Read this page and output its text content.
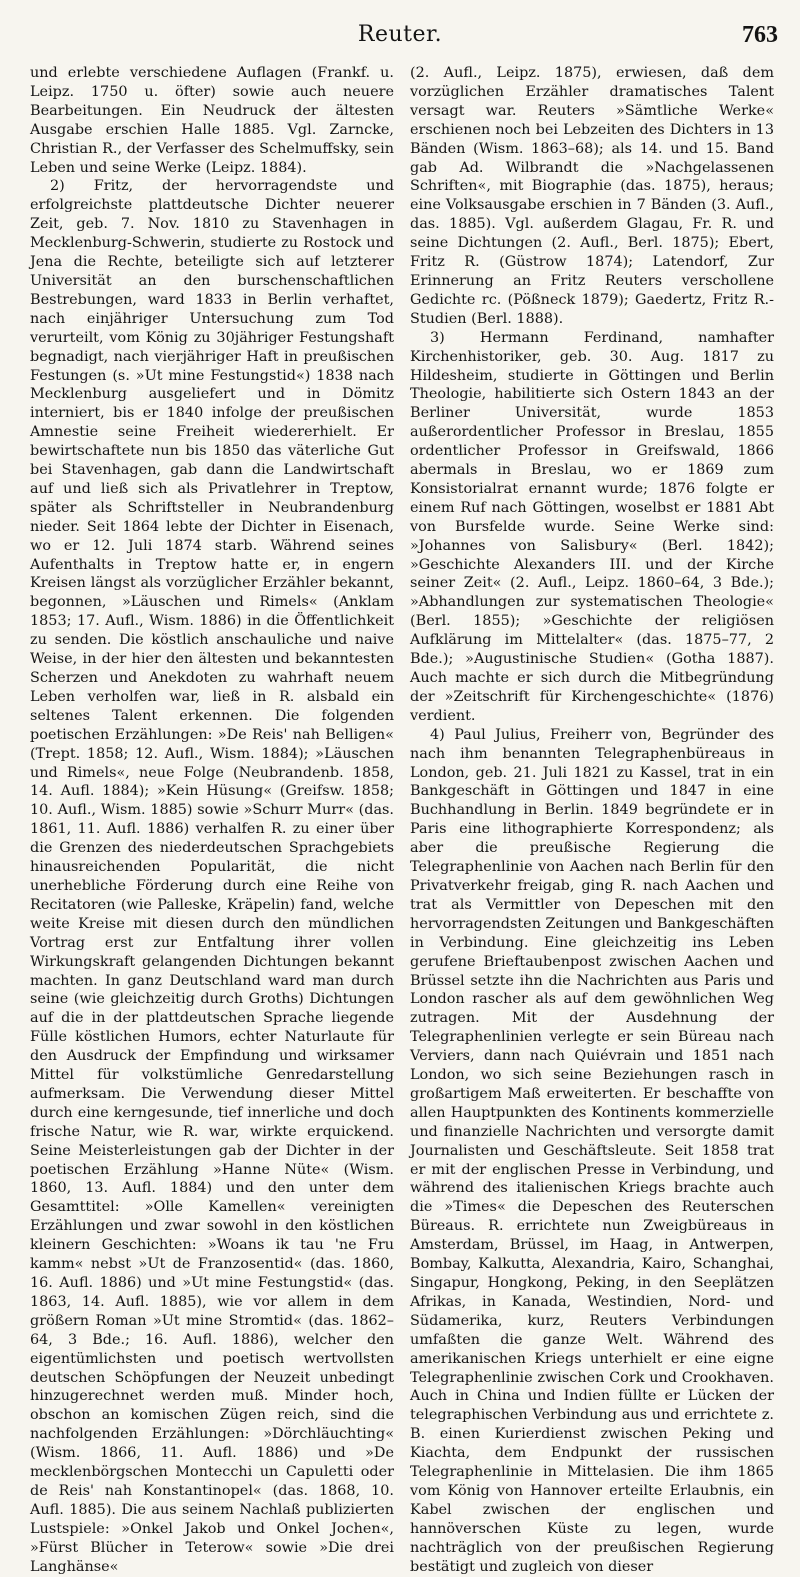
Reuter.	763

und erlebte verschiedene Auflagen (Frankf. u. Leipz. 1750 u. öfter) sowie auch neuere Bearbeitungen. Ein Neudruck der ältesten Ausgabe erschien Halle 1885. Vgl. Zarncke, Christian R., der Verfasser des Schelmuffsky, sein Leben und seine Werke (Leipz. 1884).

2) Fritz, der hervorragendste und erfolgreichste plattdeutsche Dichter neuerer Zeit, geb. 7. Nov. 1810 zu Stavenhagen in Mecklenburg-Schwerin, studierte zu Rostock und Jena die Rechte, beteiligte sich auf letzterer Universität an den burschenschaftlichen Bestrebungen, ward 1833 in Berlin verhaftet, nach einjähriger Untersuchung zum Tod verurteilt, vom König zu 30jähriger Festungshaft begnadigt, nach vierjähriger Haft in preußischen Festungen (s. »Ut mine Festungstid«) 1838 nach Mecklenburg ausgeliefert und in Dömitz interniert, bis er 1840 infolge der preußischen Amnestie seine Freiheit wiedererhielt. Er bewirtschaftete nun bis 1850 das väterliche Gut bei Stavenhagen, gab dann die Landwirtschaft auf und ließ sich als Privatlehrer in Treptow, später als Schriftsteller in Neubrandenburg nieder. Seit 1864 lebte der Dichter in Eisenach, wo er 12. Juli 1874 starb. Während seines Aufenthalts in Treptow hatte er, in engern Kreisen längst als vorzüglicher Erzähler bekannt, begonnen, »Läuschen und Rimels« (Anklam 1853; 17. Aufl., Wism. 1886) in die Öffentlichkeit zu senden. Die köstlich anschauliche und naive Weise, in der hier den ältesten und bekanntesten Scherzen und Anekdoten zu wahrhaft neuem Leben verholfen war, ließ in R. alsbald ein seltenes Talent erkennen. Die folgenden poetischen Erzählungen: »De Reis' nah Belligen« (Trept. 1858; 12. Aufl., Wism. 1884); »Läuschen und Rimels«, neue Folge (Neubrandenb. 1858, 14. Aufl. 1884); »Kein Hüsung« (Greifsw. 1858; 10. Aufl., Wism. 1885) sowie »Schurr Murr« (das. 1861, 11. Aufl. 1886) verhalfen R. zu einer über die Grenzen des niederdeutschen Sprachgebiets hinausreichenden Popularität, die nicht unerhebliche Förderung durch eine Reihe von Recitatoren (wie Palleske, Kräpelin) fand, welche weite Kreise mit diesen durch den mündlichen Vortrag erst zur Entfaltung ihrer vollen Wirkungskraft gelangenden Dichtungen bekannt machten. In ganz Deutschland ward man durch seine (wie gleichzeitig durch Groths) Dichtungen auf die in der plattdeutschen Sprache liegende Fülle köstlichen Humors, echter Naturlaute für den Ausdruck der Empfindung und wirksamer Mittel für volkstümliche Genredarstellung aufmerksam. Die Verwendung dieser Mittel durch eine kerngesunde, tief innerliche und doch frische Natur, wie R. war, wirkte erquickend. Seine Meisterleistungen gab der Dichter in der poetischen Erzählung »Hanne Nüte« (Wism. 1860, 13. Aufl. 1884) und den unter dem Gesamttitel: »Olle Kamellen« vereinigten Erzählungen und zwar sowohl in den köstlichen kleinern Geschichten: »Woans ik tau 'ne Fru kamm« nebst »Ut de Franzosentid« (das. 1860, 16. Aufl. 1886) und »Ut mine Festungstid« (das. 1863, 14. Aufl. 1885), wie vor allem in dem größern Roman »Ut mine Stromtid« (das. 1862–64, 3 Bde.; 16. Aufl. 1886), welcher den eigentümlichsten und poetisch wertvollsten deutschen Schöpfungen der Neuzeit unbedingt hinzugerechnet werden muß. Minder hoch, obschon an komischen Zügen reich, sind die nachfolgenden Erzählungen: »Dörchläuchting« (Wism. 1866, 11. Aufl. 1886) und »De mecklenbörgschen Montecchi un Capuletti oder de Reis' nah Konstantinopel« (das. 1868, 10. Aufl. 1885). Die aus seinem Nachlaß publizierten Lustspiele: »Onkel Jakob und Onkel Jochen«, »Fürst Blücher in Teterow« sowie »Die drei Langhänse«

(2. Aufl., Leipz. 1875), erwiesen, daß dem vorzüglichen Erzähler dramatisches Talent versagt war. Reuters »Sämtliche Werke« erschienen noch bei Lebzeiten des Dichters in 13 Bänden (Wism. 1863–68); als 14. und 15. Band gab Ad. Wilbrandt die »Nachgelassenen Schriften«, mit Biographie (das. 1875), heraus; eine Volksausgabe erschien in 7 Bänden (3. Aufl., das. 1885). Vgl. außerdem Glagau, Fr. R. und seine Dichtungen (2. Aufl., Berl. 1875); Ebert, Fritz R. (Güstrow 1874); Latendorf, Zur Erinnerung an Fritz Reuters verschollene Gedichte rc. (Pößneck 1879); Gaedertz, Fritz R.-Studien (Berl. 1888).

3) Hermann Ferdinand, namhafter Kirchenhistoriker, geb. 30. Aug. 1817 zu Hildesheim, studierte in Göttingen und Berlin Theologie, habilitierte sich Ostern 1843 an der Berliner Universität, wurde 1853 außerordentlicher Professor in Breslau, 1855 ordentlicher Professor in Greifswald, 1866 abermals in Breslau, wo er 1869 zum Konsistorialrat ernannt wurde; 1876 folgte er einem Ruf nach Göttingen, woselbst er 1881 Abt von Bursfelde wurde. Seine Werke sind: »Johannes von Salisbury« (Berl. 1842); »Geschichte Alexanders III. und der Kirche seiner Zeit« (2. Aufl., Leipz. 1860–64, 3 Bde.); »Abhandlungen zur systematischen Theologie« (Berl. 1855); »Geschichte der religiösen Aufklärung im Mittelalter« (das. 1875–77, 2 Bde.); »Augustinische Studien« (Gotha 1887). Auch machte er sich durch die Mitbegründung der »Zeitschrift für Kirchengeschichte« (1876) verdient.

4) Paul Julius, Freiherr von, Begründer des nach ihm benannten Telegraphenbüreaus in London, geb. 21. Juli 1821 zu Kassel, trat in ein Bankgeschäft in Göttingen und 1847 in eine Buchhandlung in Berlin. 1849 begründete er in Paris eine lithographierte Korrespondenz; als aber die preußische Regierung die Telegraphenlinie von Aachen nach Berlin für den Privatverkehr freigab, ging R. nach Aachen und trat als Vermittler von Depeschen mit den hervorragendsten Zeitungen und Bankgeschäften in Verbindung. Eine gleichzeitig ins Leben gerufene Brieftaubenpost zwischen Aachen und Brüssel setzte ihn die Nachrichten aus Paris und London rascher als auf dem gewöhnlichen Weg zutragen. Mit der Ausdehnung der Telegraphenlinien verlegte er sein Büreau nach Verviers, dann nach Quiévrain und 1851 nach London, wo sich seine Beziehungen rasch in großartigem Maß erweiterten. Er beschaffte von allen Hauptpunkten des Kontinents kommerzielle und finanzielle Nachrichten und versorgte damit Journalisten und Geschäftsleute. Seit 1858 trat er mit der englischen Presse in Verbindung, und während des italienischen Kriegs brachte auch die »Times« die Depeschen des Reuterschen Büreaus. R. errichtete nun Zweigbüreaus in Amsterdam, Brüssel, im Haag, in Antwerpen, Bombay, Kalkutta, Alexandria, Kairo, Schanghai, Singapur, Hongkong, Peking, in den Seeplätzen Afrikas, in Kanada, Westindien, Nord- und Südamerika, kurz, Reuters Verbindungen umfaßten die ganze Welt. Während des amerikanischen Kriegs unterhielt er eine eigne Telegraphenlinie zwischen Cork und Crookhaven. Auch in China und Indien füllte er Lücken der telegraphischen Verbindung aus und errichtete z. B. einen Kurierdienst zwischen Peking und Kiachta, dem Endpunkt der russischen Telegraphenlinie in Mittelasien. Die ihm 1865 vom König von Hannover erteilte Erlaubnis, ein Kabel zwischen der englischen und hannöverschen Küste zu legen, wurde nachträglich von der preußischen Regierung bestätigt und zugleich von dieser
